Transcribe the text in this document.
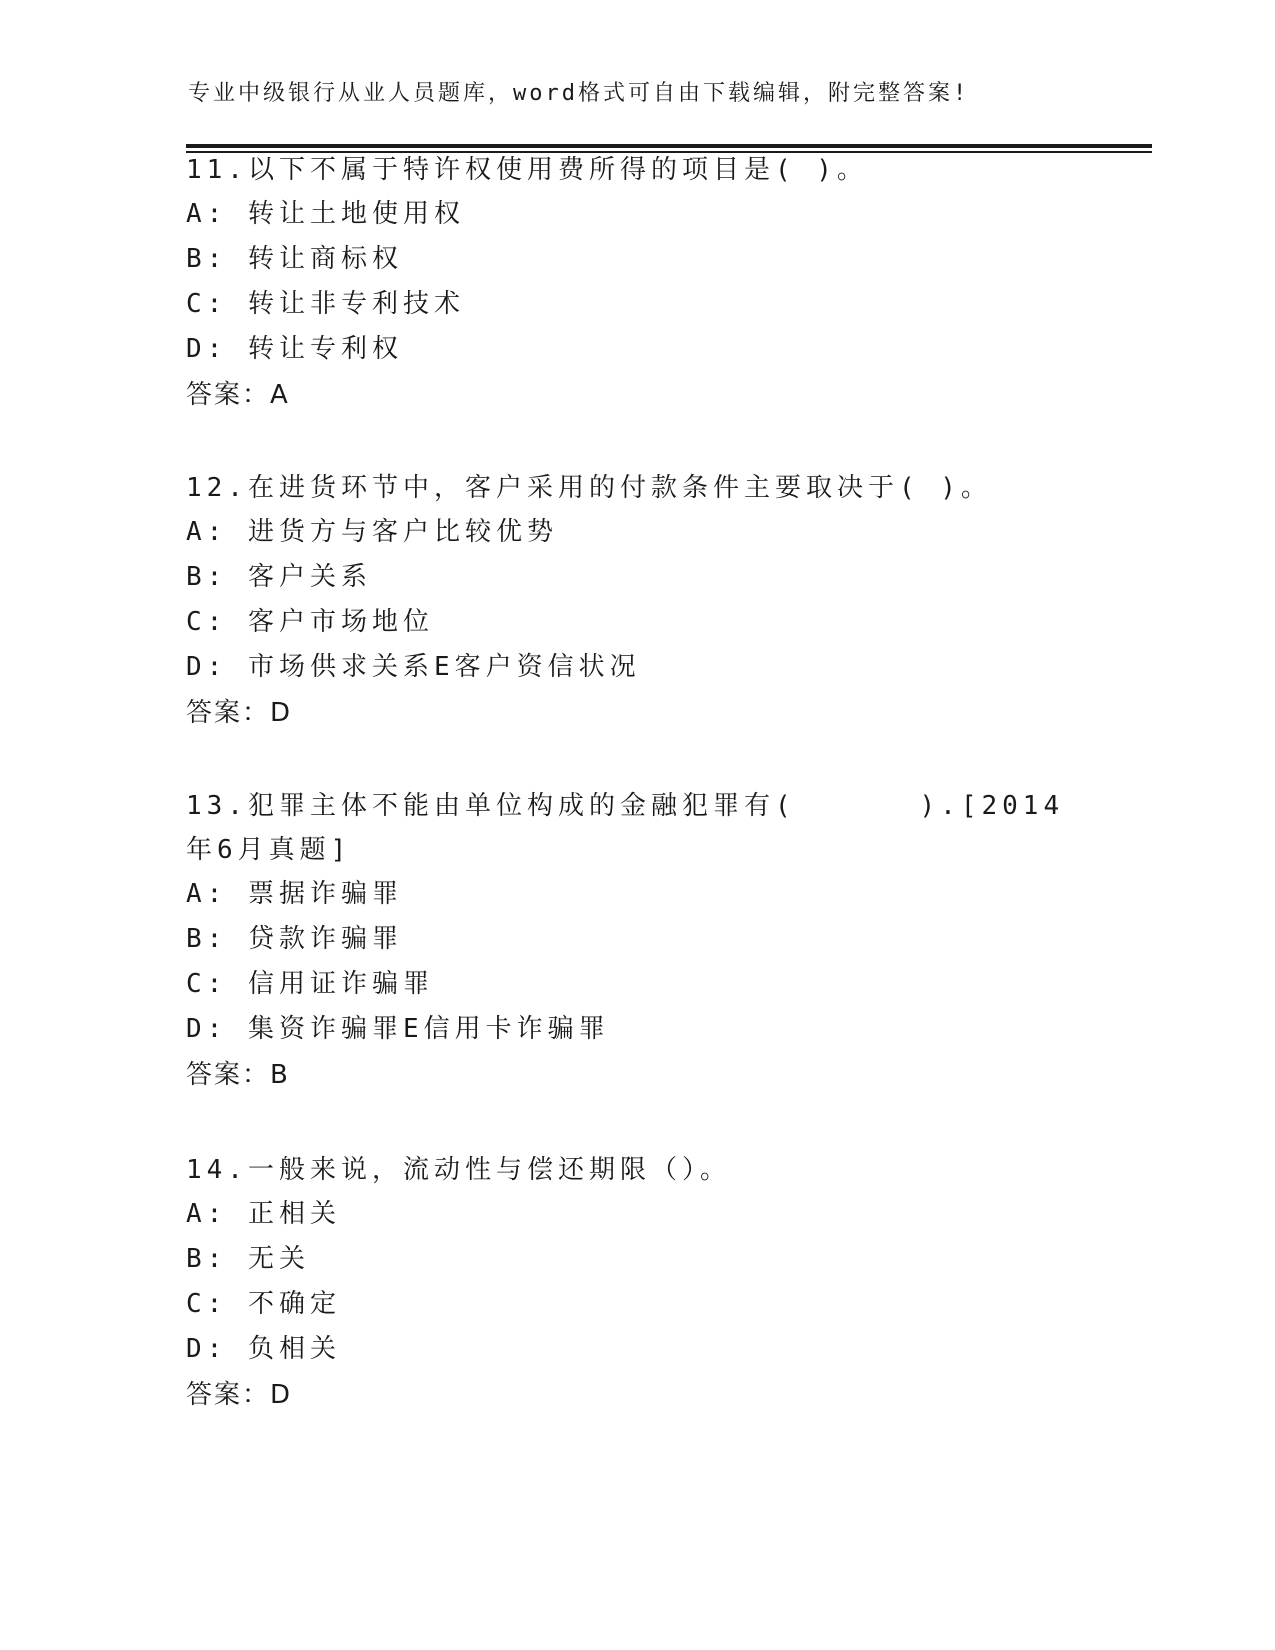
专业中级银行从业人员题库，word格式可自由下载编辑，附完整答案!

11.以下不属于特许权使用费所得的项目是( )。

A: 转让土地使用权

B: 转让商标权

C: 转让非专利技术

D: 转让专利权

答案：A

12.在进货环节中，客户采用的付款条件主要取决于( )。

A: 进货方与客户比较优势

B: 客户关系

C: 客户市场地位

D: 市场供求关系E客户资信状况

答案：D

13.犯罪主体不能由单位构成的金融犯罪有(      ).[2014年6月真题]

A: 票据诈骗罪

B: 贷款诈骗罪

C: 信用证诈骗罪

D: 集资诈骗罪E信用卡诈骗罪

答案：B

14.一般来说，流动性与偿还期限（）。

A: 正相关

B: 无关

C: 不确定

D: 负相关

答案：D
